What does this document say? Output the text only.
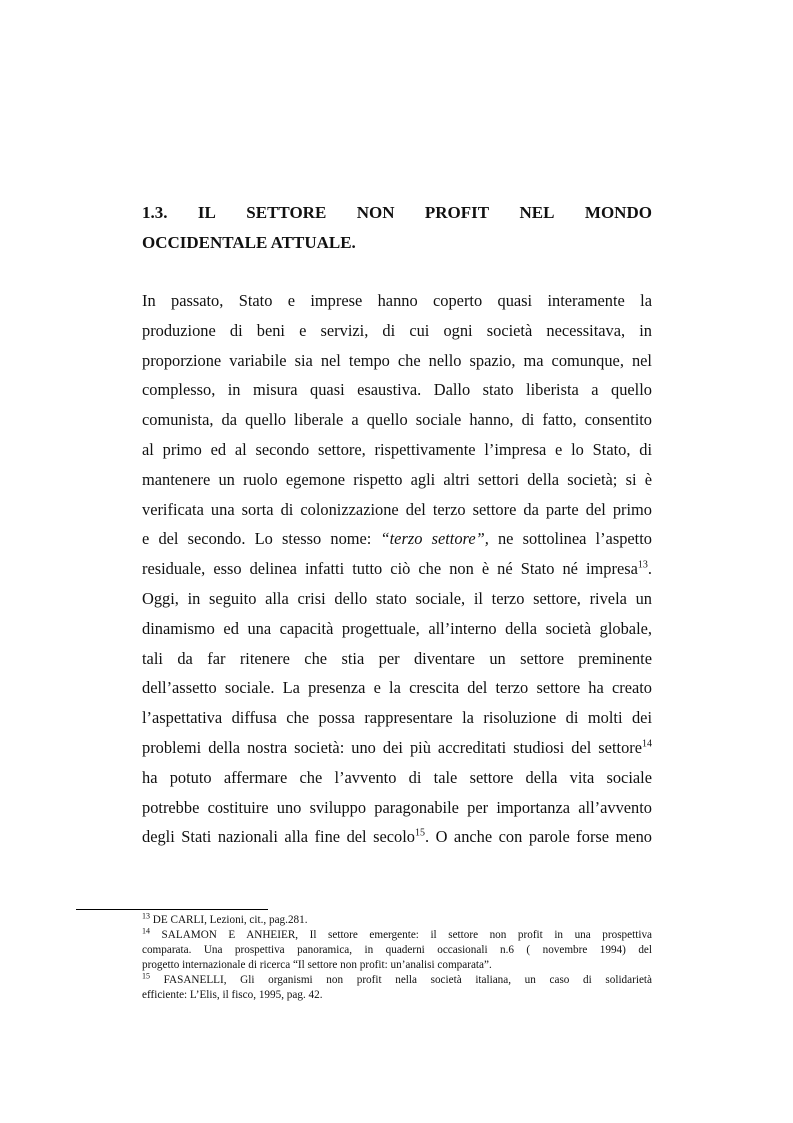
1.3. IL SETTORE NON PROFIT NEL MONDO
OCCIDENTALE ATTUALE.
In passato, Stato e imprese hanno coperto quasi interamente la
produzione di beni e servizi, di cui ogni società necessitava, in
proporzione variabile sia nel tempo che nello spazio, ma comunque, nel
complesso, in misura quasi esaustiva. Dallo stato liberista a quello
comunista, da quello liberale a quello sociale hanno, di fatto, consentito
al primo ed al secondo settore, rispettivamente l’impresa e lo Stato, di
mantenere un ruolo egemone rispetto agli altri settori della società; si è
verificata una sorta di colonizzazione del terzo settore da parte del primo
e del secondo. Lo stesso nome: “terzo settore”, ne sottolinea l’aspetto
residuale, esso delinea infatti tutto ciò che non è né Stato né impresa$^{13}$.
Oggi, in seguito alla crisi dello stato sociale, il terzo settore, rivela un
dinamismo ed una capacità progettuale, all’interno della società globale,
tali da far ritenere che stia per diventare un settore preminente
dell’assetto sociale. La presenza e la crescita del terzo settore ha creato
l’aspettativa diffusa che possa rappresentare la risoluzione di molti dei
problemi della nostra società: uno dei più accreditati studiosi del settore$^{14}$
ha potuto affermare che l’avvento di tale settore della vita sociale
potrebbe costituire uno sviluppo paragonabile per importanza all’avvento
degli Stati nazionali alla fine del secolo$^{15}$. O anche con parole forse meno
$^{13}$ DE CARLI, Lezioni, cit., pag.281.
$^{14}$ SALAMON E ANHEIER, Il settore emergente: il settore non profit in una prospettiva
comparata. Una prospettiva panoramica, in quaderni occasionali n.6 ( novembre 1994) del
progetto internazionale di ricerca “Il settore non profit: un’analisi comparata”.
$^{15}$ FASANELLI, Gli organismi non profit nella società italiana, un caso di solidarietà
efficiente: L’Elis, il fisco, 1995, pag. 42.
